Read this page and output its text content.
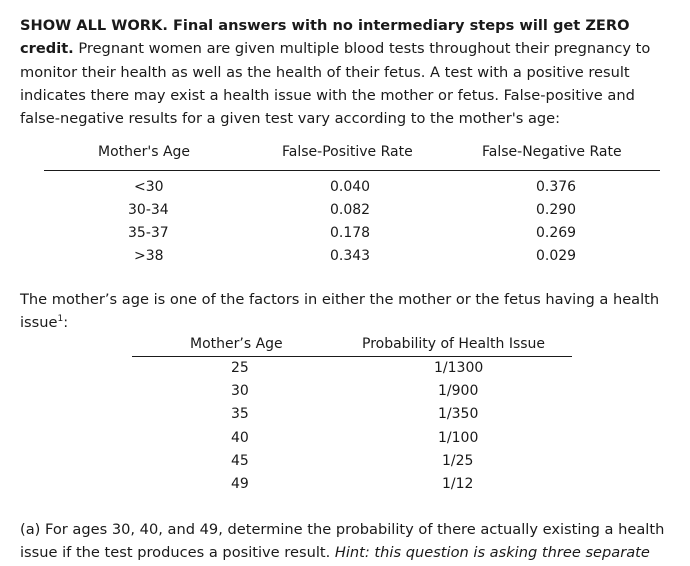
SHOW ALL WORK. Final answers with no intermediary steps will get ZERO credit. Pregnant women are given multiple blood tests throughout their pregnancy to
monitor their health as well as the health of their fetus. A test with a positive result
indicates there may exist a health issue with the mother or fetus. False-positive and
false-negative results for a given test vary according to the mother's age:

Mother's Age	False-Positive Rate	False-Negative Rate
<30	0.040	0.376
30-34	0.082	0.290
35-37	0.178	0.269
>38	0.343	0.029

The mother’s age is one of the factors in either the mother or the fetus having a health
issue$^1$:

Mother’s Age	Probability of Health Issue
25	1/1300
30	1/900
35	1/350
40	1/100
45	1/25
49	1/12

(a) For ages 30, 40, and 49, determine the probability of there actually existing a health
issue if the test produces a positive result. Hint: this question is asking three separate
